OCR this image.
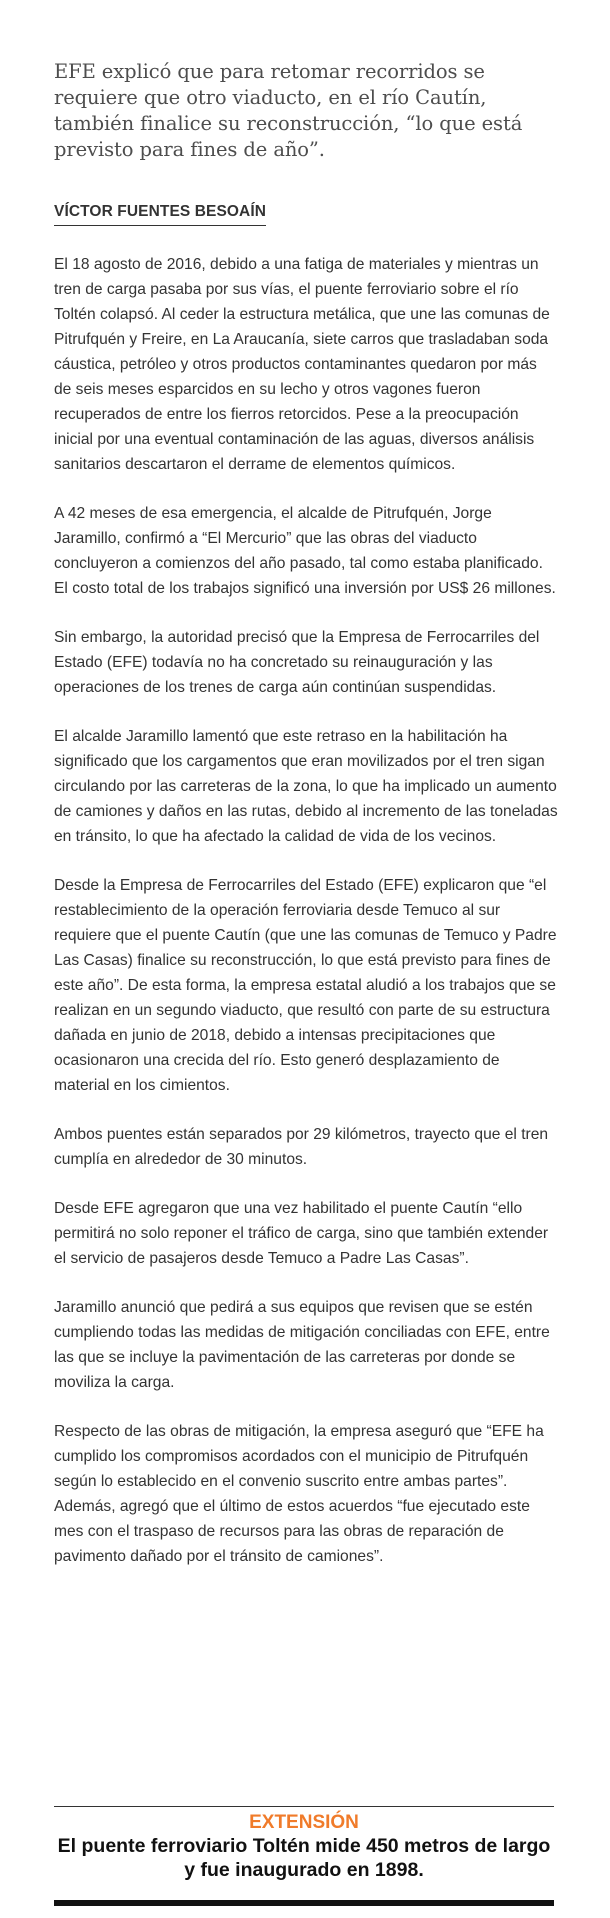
EFE explicó que para retomar recorridos se requiere que otro viaducto, en el río Cautín, también finalice su reconstrucción, “lo que está previsto para fines de año”.

VÍCTOR FUENTES BESOAÍN

El 18 agosto de 2016, debido a una fatiga de materiales y mientras un tren de carga pasaba por sus vías, el puente ferroviario sobre el río Toltén colapsó. Al ceder la estructura metálica, que une las comunas de Pitrufquén y Freire, en La Araucanía, siete carros que trasladaban soda cáustica, petróleo y otros productos contaminantes quedaron por más de seis meses esparcidos en su lecho y otros vagones fueron recuperados de entre los fierros retorcidos. Pese a la preocupación inicial por una eventual contaminación de las aguas, diversos análisis sanitarios descartaron el derrame de elementos químicos.

A 42 meses de esa emergencia, el alcalde de Pitrufquén, Jorge Jaramillo, confirmó a “El Mercurio” que las obras del viaducto concluyeron a comienzos del año pasado, tal como estaba planificado. El costo total de los trabajos significó una inversión por US$ 26 millones.

Sin embargo, la autoridad precisó que la Empresa de Ferrocarriles del Estado (EFE) todavía no ha concretado su reinauguración y las operaciones de los trenes de carga aún continúan suspendidas.

El alcalde Jaramillo lamentó que este retraso en la habilitación ha significado que los cargamentos que eran movilizados por el tren sigan circulando por las carreteras de la zona, lo que ha implicado un aumento de camiones y daños en las rutas, debido al incremento de las toneladas en tránsito, lo que ha afectado la calidad de vida de los vecinos.

Desde la Empresa de Ferrocarriles del Estado (EFE) explicaron que “el restablecimiento de la operación ferroviaria desde Temuco al sur requiere que el puente Cautín (que une las comunas de Temuco y Padre Las Casas) finalice su reconstrucción, lo que está previsto para fines de este año”. De esta forma, la empresa estatal aludió a los trabajos que se realizan en un segundo viaducto, que resultó con parte de su estructura dañada en junio de 2018, debido a intensas precipitaciones que ocasionaron una crecida del río. Esto generó desplazamiento de material en los cimientos.

Ambos puentes están separados por 29 kilómetros, trayecto que el tren cumplía en alrededor de 30 minutos.

Desde EFE agregaron que una vez habilitado el puente Cautín “ello permitirá no solo reponer el tráfico de carga, sino que también extender el servicio de pasajeros desde Temuco a Padre Las Casas”.

Jaramillo anunció que pedirá a sus equipos que revisen que se estén cumpliendo todas las medidas de mitigación conciliadas con EFE, entre las que se incluye la pavimentación de las carreteras por donde se moviliza la carga.

Respecto de las obras de mitigación, la empresa aseguró que “EFE ha cumplido los compromisos acordados con el municipio de Pitrufquén según lo establecido en el convenio suscrito entre ambas partes”. Además, agregó que el último de estos acuerdos “fue ejecutado este mes con el traspaso de recursos para las obras de reparación de pavimento dañado por el tránsito de camiones”.

EXTENSIÓN
El puente ferroviario Toltén mide 450 metros de largo y fue inaugurado en 1898.
